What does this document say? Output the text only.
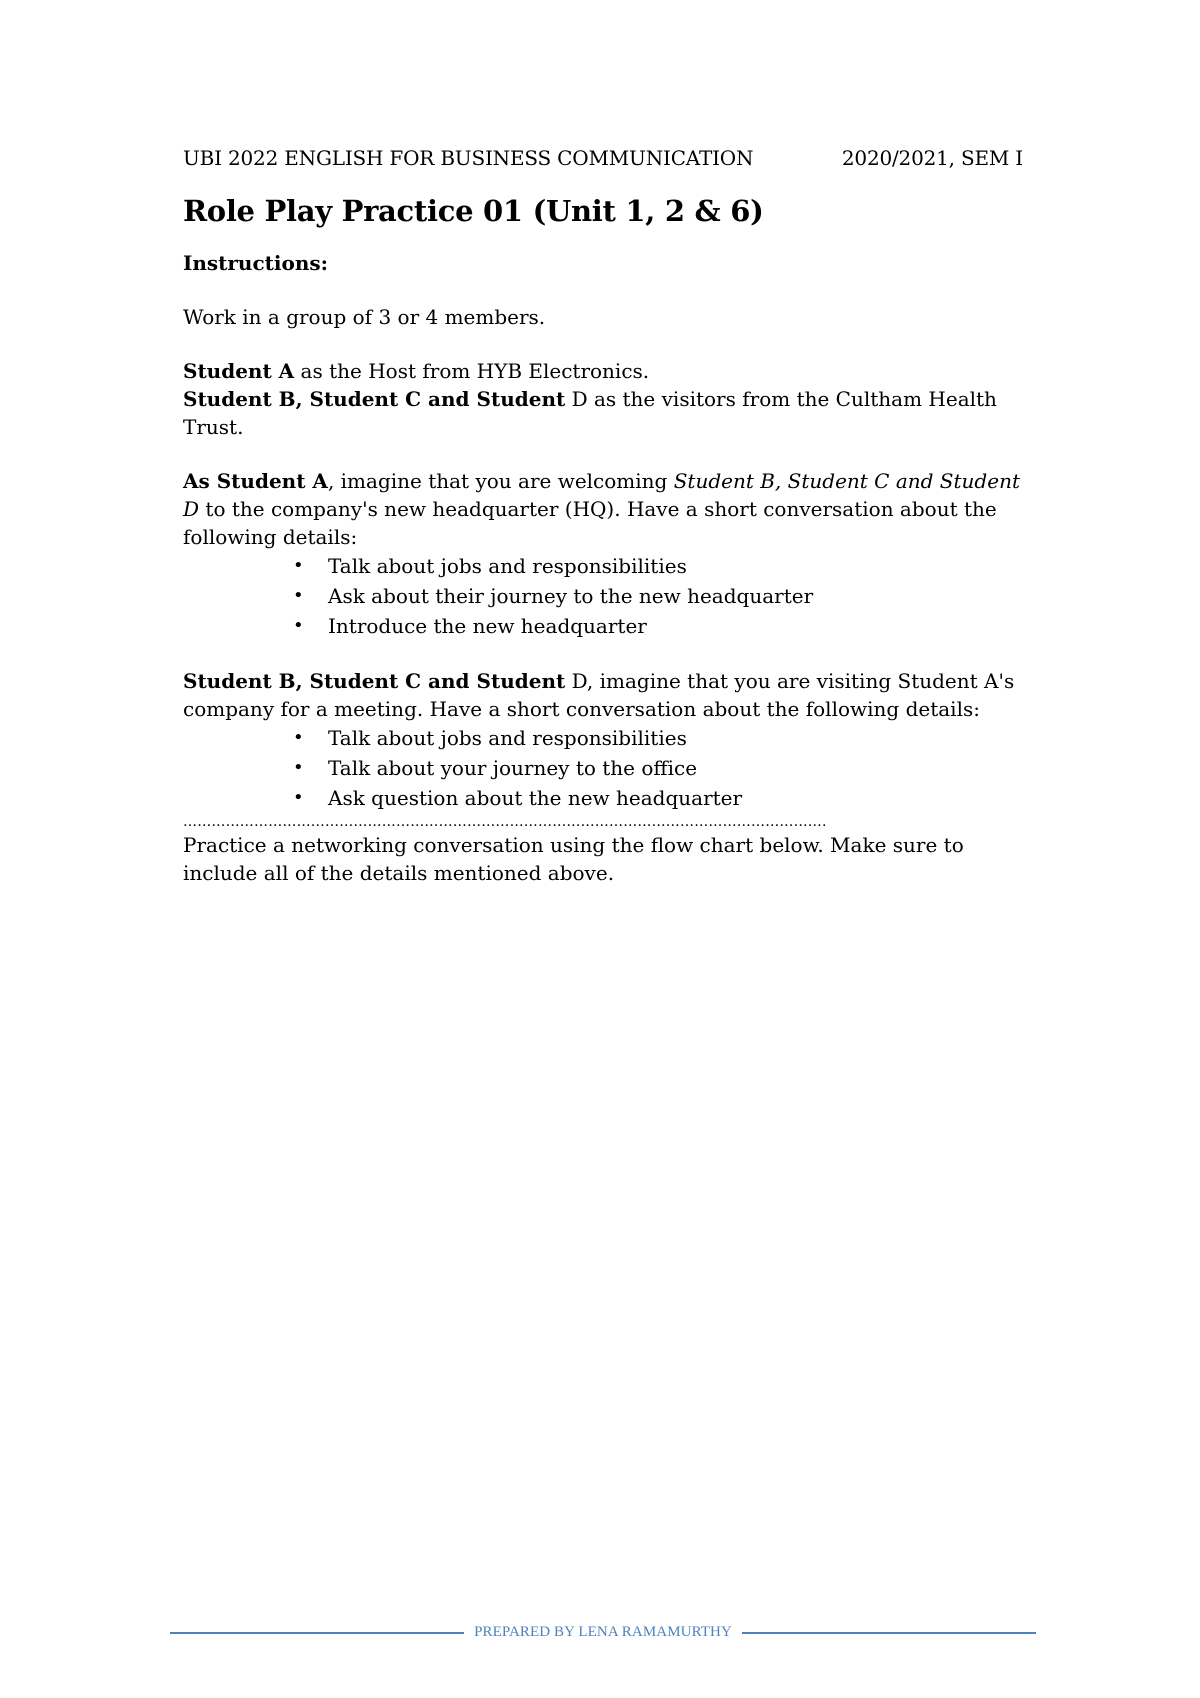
UBI 2022 ENGLISH FOR BUSINESS COMMUNICATION	2020/2021, SEM I
Role Play Practice 01 (Unit 1, 2 & 6)
Instructions:

Work in a group of 3 or 4 members.

Student A as the Host from HYB Electronics.

Student B, Student C and Student D as the visitors from the Cultham Health Trust.

As Student A, imagine that you are welcoming Student B, Student C and Student D to the company's new headquarter (HQ). Have a short conversation about the following details:

• Talk about jobs and responsibilities
• Ask about their journey to the new headquarter
• Introduce the new headquarter

Student B, Student C and Student D, imagine that you are visiting Student A's company for a meeting. Have a short conversation about the following details:

• Talk about jobs and responsibilities
• Talk about your journey to the office
• Ask question about the new headquarter
……………………………………………………………………………………………………………………….

Practice a networking conversation using the flow chart below. Make sure to include all of the details mentioned above.

PREPARED BY LENA RAMAMURTHY
